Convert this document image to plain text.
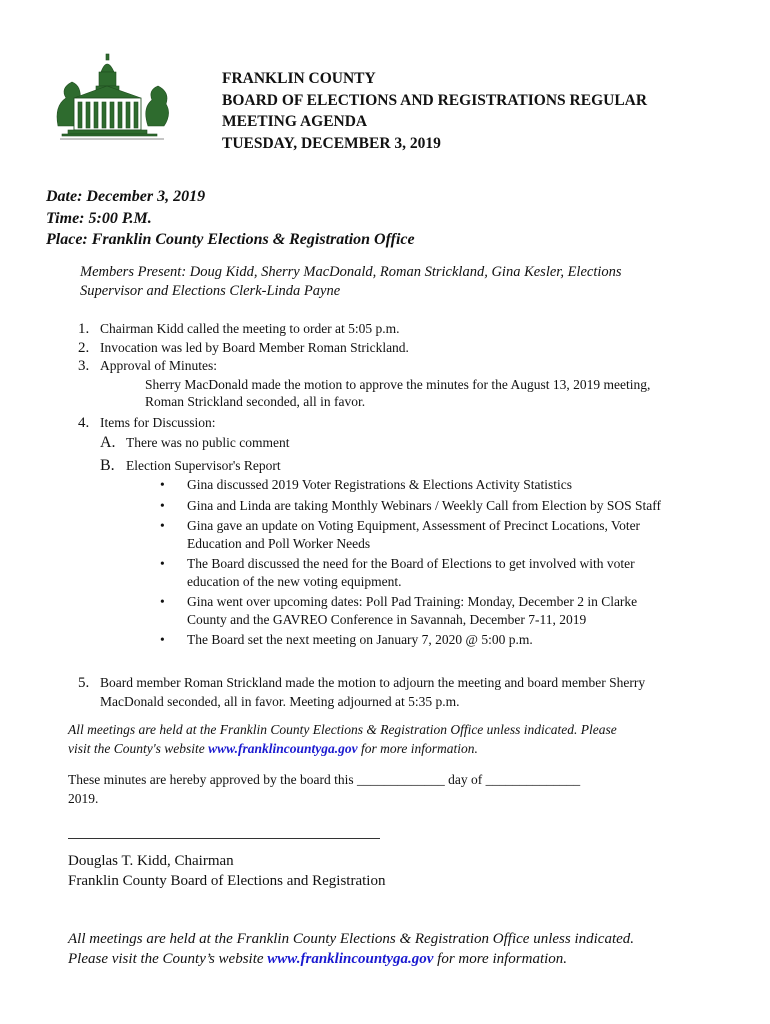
FRANKLIN COUNTY
BOARD OF ELECTIONS AND REGISTRATIONS REGULAR
MEETING AGENDA
TUESDAY, DECEMBER 3, 2019
Date: December 3, 2019
Time: 5:00 P.M.
Place: Franklin County Elections & Registration Office
Members Present: Doug Kidd, Sherry MacDonald, Roman Strickland, Gina Kesler, Elections
Supervisor and Elections Clerk-Linda Payne
1. Chairman Kidd called the meeting to order at 5:05 p.m.
2. Invocation was led by Board Member Roman Strickland.
3. Approval of Minutes:
Sherry MacDonald made the motion to approve the minutes for the August 13, 2019 meeting,
Roman Strickland seconded, all in favor.
4. Items for Discussion:
A. There was no public comment
B. Election Supervisor's Report
• Gina discussed 2019 Voter Registrations & Elections Activity Statistics
• Gina and Linda are taking Monthly Webinars / Weekly Call from Election by SOS Staff
• Gina gave an update on Voting Equipment, Assessment of Precinct Locations, Voter
Education and Poll Worker Needs
• The Board discussed the need for the Board of Elections to get involved with voter
education of the new voting equipment.
• Gina went over upcoming dates: Poll Pad Training: Monday, December 2 in Clarke
County and the GAVREO Conference in Savannah, December 7-11, 2019
• The Board set the next meeting on January 7, 2020 @ 5:00 p.m.
5. Board member Roman Strickland made the motion to adjourn the meeting and board member Sherry
MacDonald seconded, all in favor. Meeting adjourned at 5:35 p.m.
All meetings are held at the Franklin County Elections & Registration Office unless indicated. Please
visit the County's website www.franklincountyga.gov for more information.
These minutes are hereby approved by the board this _____________ day of ______________
2019.
Douglas T. Kidd, Chairman
Franklin County Board of Elections and Registration
All meetings are held at the Franklin County Elections & Registration Office unless indicated.
Please visit the County’s website www.franklincountyga.gov for more information.
